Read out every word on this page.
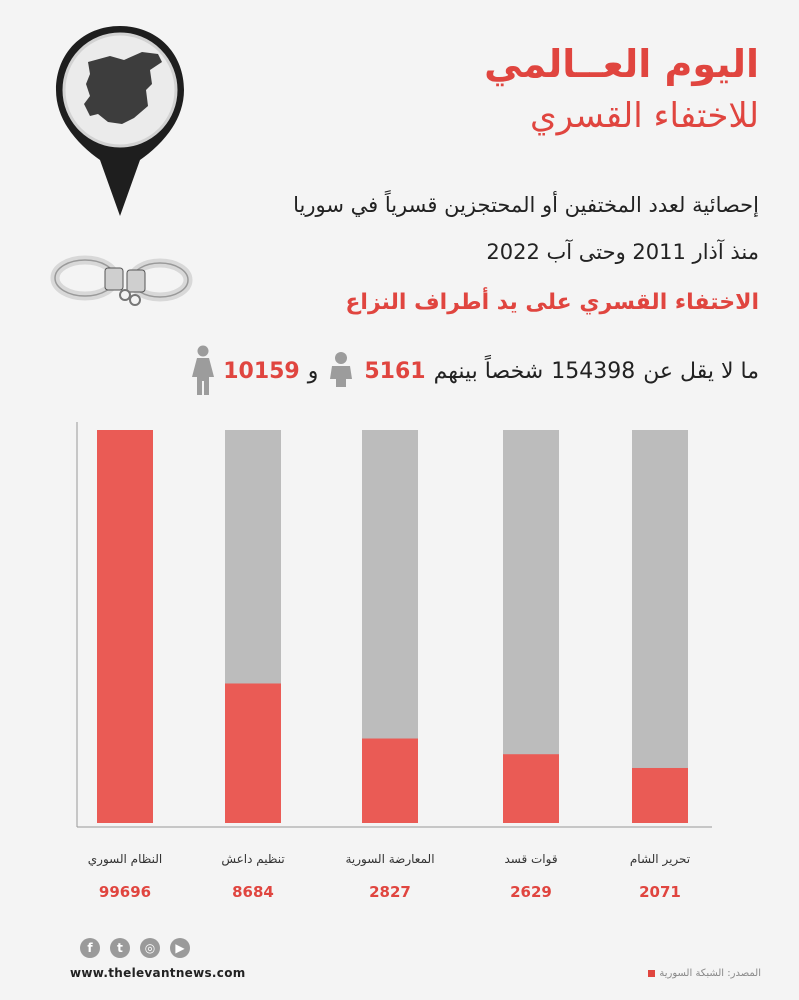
اليوم العــالمي
للاختفاء القسري
إحصائية لعدد المختفين أو المحتجزين قسرياً في سوريا
منذ آذار 2011 وحتى آب 2022
الاختفاء القسري على يد أطراف النزاع
ما لا يقل عن
154398
شخصاً بينهم
5161
و
10159
النظام السوري
99696
تنظيم داعش
8684
المعارضة السورية
2827
قوات قسد
2629
تحرير الشام
2071
f	t	◎	▶
www.thelevantnews.com	المصدر: الشبكة السورية
